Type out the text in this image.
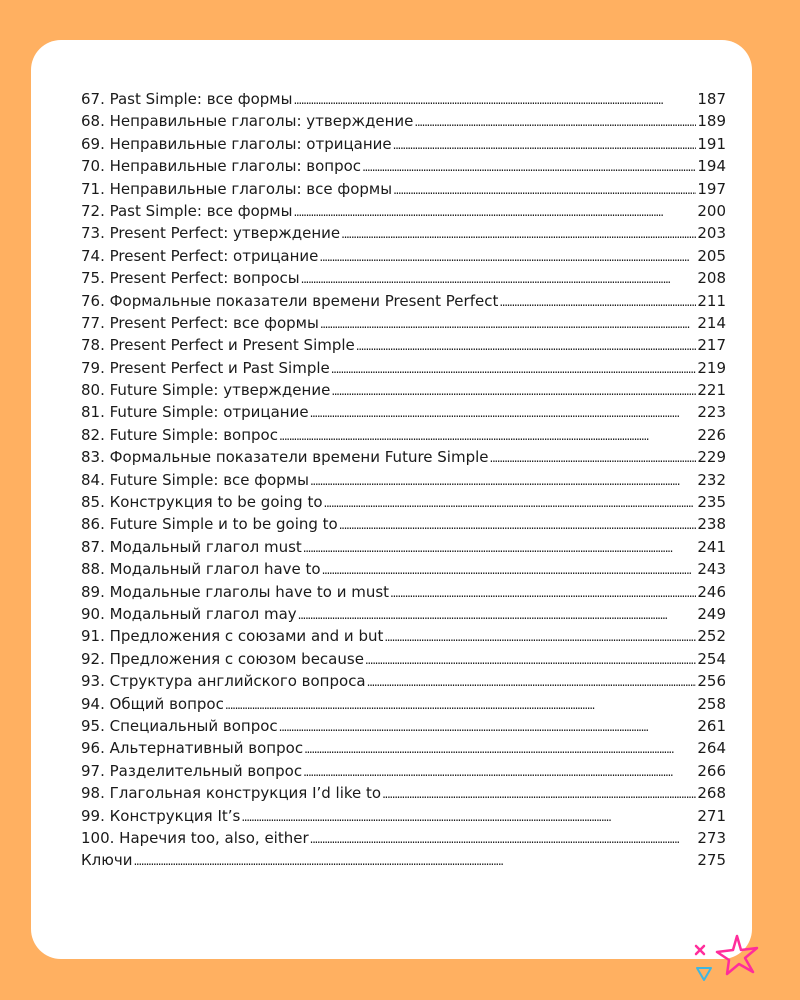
67. Past Simple: все формы . . .	187
68. Неправильные глаголы: утверждение . . .	189
69. Неправильные глаголы: отрицание . . .	191
70. Неправильные глаголы: вопрос . . .	194
71. Неправильные глаголы: все формы . . .	197
72. Past Simple: все формы . . .	200
73. Present Perfect: утверждение . . .	203
74. Present Perfect: отрицание . . .	205
75. Present Perfect: вопросы . . .	208
76. Формальные показатели времени Present Perfect . . .	211
77. Present Perfect: все формы . . .	214
78. Present Perfect и Present Simple . . .	217
79. Present Perfect и Past Simple . . .	219
80. Future Simple: утверждение . . .	221
81. Future Simple: отрицание . . .	223
82. Future Simple: вопрос . . .	226
83. Формальные показатели времени Future Simple . . .	229
84. Future Simple: все формы . . .	232
85. Конструкция to be going to . . .	235
86. Future Simple и to be going to . . .	238
87. Модальный глагол must . . .	241
88. Модальный глагол have to . . .	243
89. Модальные глаголы have to и must . . .	246
90. Модальный глагол may . . .	249
91. Предложения с союзами and и but . . .	252
92. Предложения с союзом because . . .	254
93. Структура английского вопроса . . .	256
94. Общий вопрос . . .	258
95. Специальный вопрос . . .	261
96. Альтернативный вопрос . . .	264
97. Разделительный вопрос . . .	266
98. Глагольная конструкция I’d like to . . .	268
99. Конструкция It’s . . .	271
100. Наречия too, also, either . . .	273
Ключи . . .	275
